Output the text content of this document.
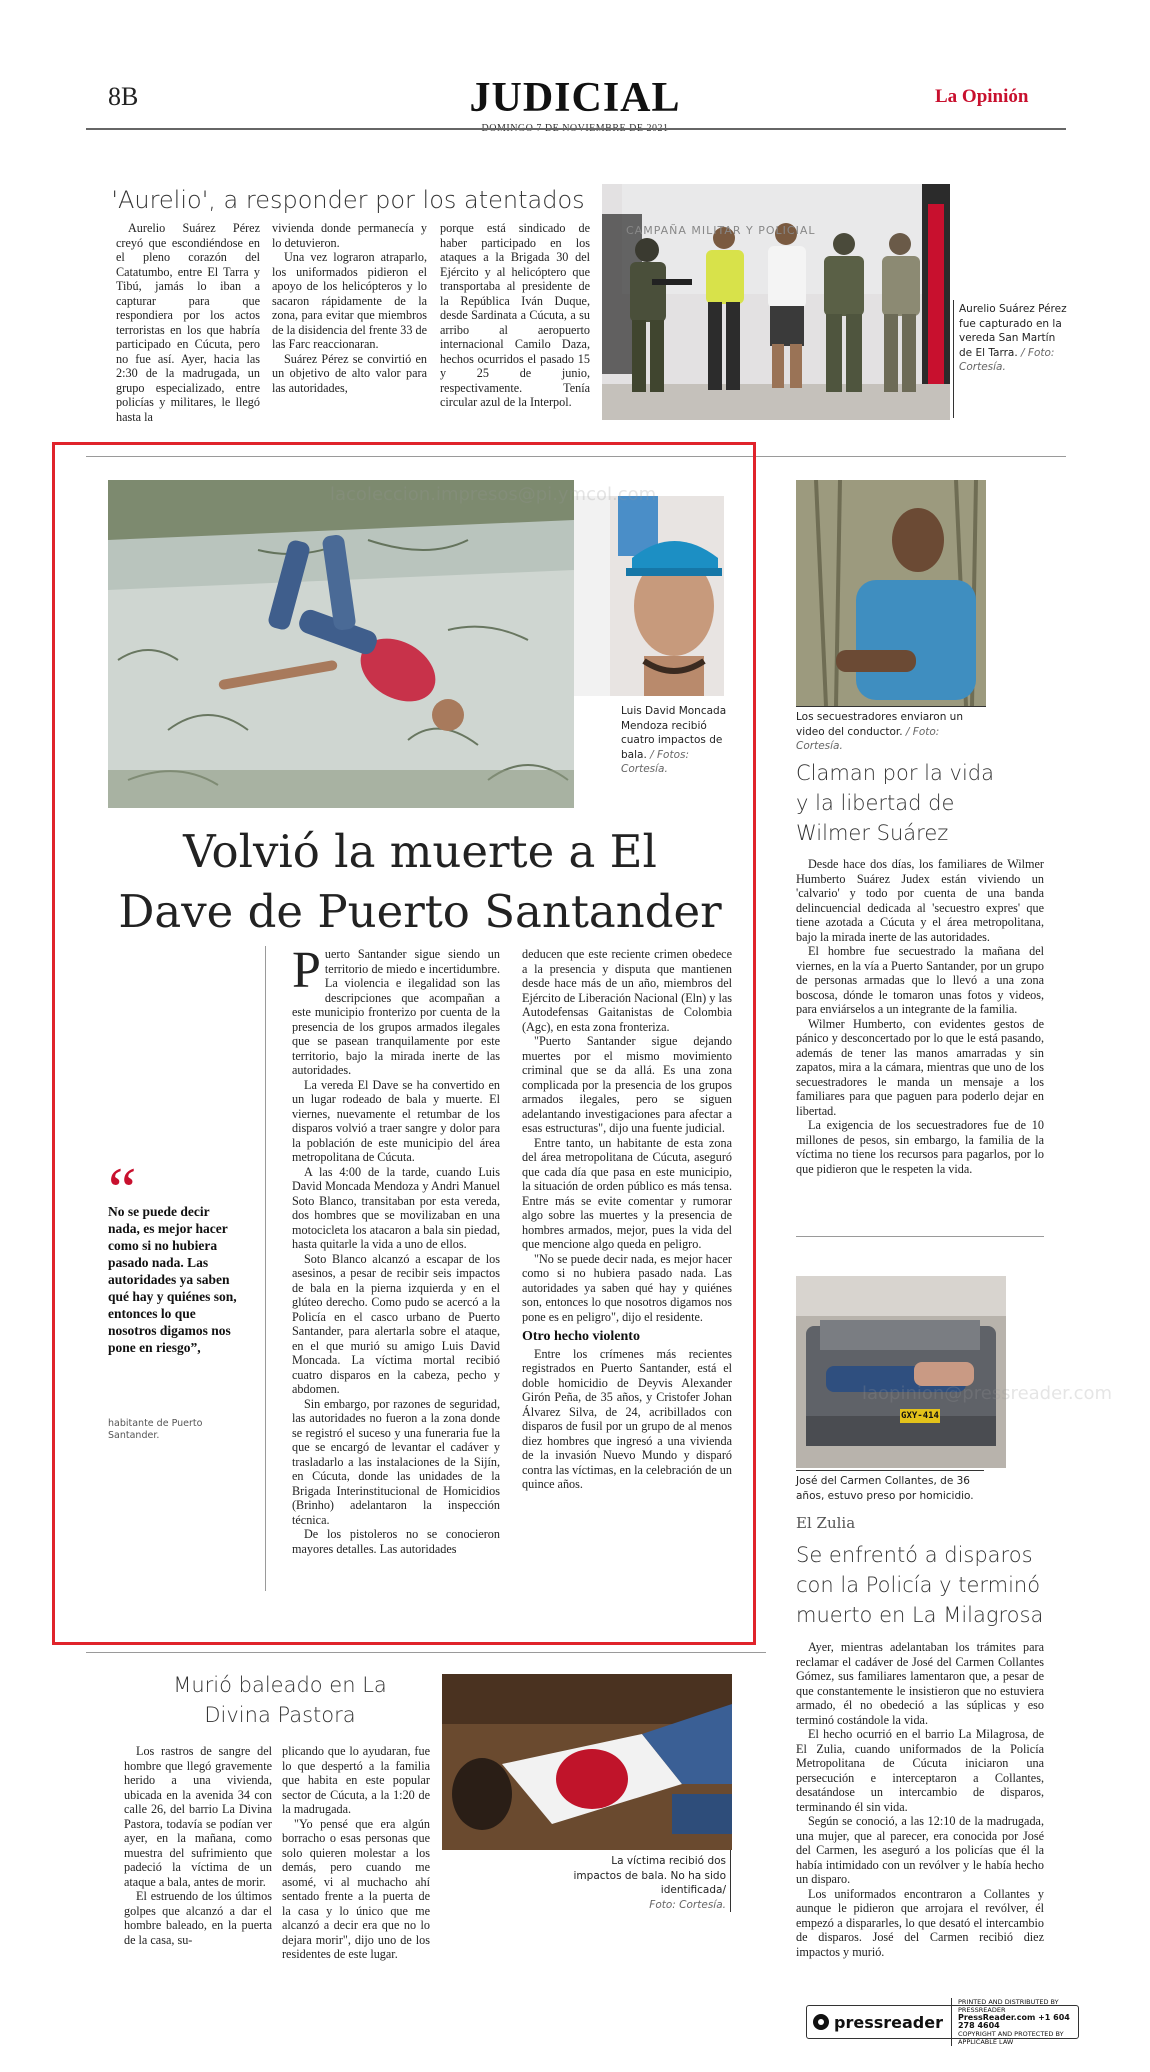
8B	JUDICIAL	La Opinión
'Aurelio', a responder por los atentados

Aurelio Suárez Pérez creyó que escondiéndose en el pleno corazón del Catatumbo, entre El Tarra y Tibú, jamás lo iban a capturar para que respondiera por los actos terroristas en los que habría participado en Cúcuta, pero no fue así. Ayer, hacia las 2:30 de la madrugada, un grupo especializado, entre policías y militares, le llegó hasta la

vivienda donde permanecía y lo detuvieron.

Una vez lograron atraparlo, los uniformados pidieron el apoyo de los helicópteros y lo sacaron rápidamente de la zona, para evitar que miembros de la disidencia del frente 33 de las Farc reaccionaran.

Suárez Pérez se convirtió en un objetivo de alto valor para las autoridades,

porque está sindicado de haber participado en los ataques a la Brigada 30 del Ejército y al helicóptero que transportaba al presidente de la República Iván Duque, desde Sardinata a Cúcuta, a su arribo al aeropuerto internacional Camilo Daza, hechos ocurridos el pasado 15 y 25 de junio, respectivamente. Tenía circular azul de la Interpol.

CAMPAÑA MILITAR Y POLICIAL
Aurelio Suárez Pérez fue capturado en la vereda San Martín de El Tarra. / Foto: Cortesía.
Luis David Moncada Mendoza recibió cuatro impactos de bala. / Fotos: Cortesía.
lacoleccion.impresos@pi.ymcol.com
Volvió la muerte a El
Dave de Puerto Santander
“
No se puede decir nada, es mejor hacer como si no hubiera pasado nada. Las autoridades ya saben qué hay y quiénes son, entonces lo que nosotros digamos nos pone en riesgo”,
habitante de Puerto Santander.

Puerto Santander sigue siendo un territorio de miedo e incertidumbre. La violencia e ilegalidad son las descripciones que acompañan a este municipio fronterizo por cuenta de la presencia de los grupos armados ilegales que se pasean tranquilamente por este territorio, bajo la mirada inerte de las autoridades.

La vereda El Dave se ha convertido en un lugar rodeado de bala y muerte. El viernes, nuevamente el retumbar de los disparos volvió a traer sangre y dolor para la población de este municipio del área metropolitana de Cúcuta.

A las 4:00 de la tarde, cuando Luis David Moncada Mendoza y Andri Manuel Soto Blanco, transitaban por esta vereda, dos hombres que se movilizaban en una motocicleta los atacaron a bala sin piedad, hasta quitarle la vida a uno de ellos.

Soto Blanco alcanzó a escapar de los asesinos, a pesar de recibir seis impactos de bala en la pierna izquierda y en el glúteo derecho. Como pudo se acercó a la Policía en el casco urbano de Puerto Santander, para alertarla sobre el ataque, en el que murió su amigo Luis David Moncada. La víctima mortal recibió cuatro disparos en la cabeza, pecho y abdomen.

Sin embargo, por razones de seguridad, las autoridades no fueron a la zona donde se registró el suceso y una funeraria fue la que se encargó de levantar el cadáver y trasladarlo a las instalaciones de la Sijín, en Cúcuta, donde las unidades de la Brigada Interinstitucional de Homicidios (Brinho) adelantaron la inspección técnica.

De los pistoleros no se conocieron mayores detalles. Las autoridades

deducen que este reciente crimen obedece a la presencia y disputa que mantienen desde hace más de un año, miembros del Ejército de Liberación Nacional (Eln) y las Autodefensas Gaitanistas de Colombia (Agc), en esta zona fronteriza.

"Puerto Santander sigue dejando muertes por el mismo movimiento criminal que se da allá. Es una zona complicada por la presencia de los grupos armados ilegales, pero se siguen adelantando investigaciones para afectar a esas estructuras", dijo una fuente judicial.

Entre tanto, un habitante de esta zona del área metropolitana de Cúcuta, aseguró que cada día que pasa en este municipio, la situación de orden público es más tensa. Entre más se evite comentar y rumorar algo sobre las muertes y la presencia de hombres armados, mejor, pues la vida del que mencione algo queda en peligro.

"No se puede decir nada, es mejor hacer como si no hubiera pasado nada. Las autoridades ya saben qué hay y quiénes son, entonces lo que nosotros digamos nos pone es en peligro", dijo el residente.

Otro hecho violento

Entre los crímenes más recientes registrados en Puerto Santander, está el doble homicidio de Deyvis Alexander Girón Peña, de 35 años, y Cristofer Johan Álvarez Silva, de 24, acribillados con disparos de fusil por un grupo de al menos diez hombres que ingresó a una vivienda de la invasión Nuevo Mundo y disparó contra las víctimas, en la celebración de un quince años.

Los secuestradores enviaron un video del conductor. / Foto: Cortesía.
Claman por la vida
y la libertad de
Wilmer Suárez

Desde hace dos días, los familiares de Wilmer Humberto Suárez Judex están viviendo un 'calvario' y todo por cuenta de una banda delincuencial dedicada al 'secuestro expres' que tiene azotada a Cúcuta y el área metropolitana, bajo la mirada inerte de las autoridades.

El hombre fue secuestrado la mañana del viernes, en la vía a Puerto Santander, por un grupo de personas armadas que lo llevó a una zona boscosa, dónde le tomaron unas fotos y videos, para enviárselos a un integrante de la familia.

Wilmer Humberto, con evidentes gestos de pánico y desconcertado por lo que le está pasando, además de tener las manos amarradas y sin zapatos, mira a la cámara, mientras que uno de los secuestradores le manda un mensaje a los familiares para que paguen para poderlo dejar en libertad.

La exigencia de los secuestradores fue de 10 millones de pesos, sin embargo, la familia de la víctima no tiene los recursos para pagarlos, por lo que pidieron que le respeten la vida.

GXY-414
laopinion@pressreader.com
José del Carmen Collantes, de 36 años, estuvo preso por homicidio.
El Zulia
Se enfrentó a disparos
con la Policía y terminó
muerto en La Milagrosa

Ayer, mientras adelantaban los trámites para reclamar el cadáver de José del Carmen Collantes Gómez, sus familiares lamentaron que, a pesar de que constantemente le insistieron que no estuviera armado, él no obedeció a las súplicas y eso terminó costándole la vida.

El hecho ocurrió en el barrio La Milagrosa, de El Zulia, cuando uniformados de la Policía Metropolitana de Cúcuta iniciaron una persecución e interceptaron a Collantes, desatándose un intercambio de disparos, terminando él sin vida.

Según se conoció, a las 12:10 de la madrugada, una mujer, que al parecer, era conocida por José del Carmen, les aseguró a los policías que él la había intimidado con un revólver y le había hecho un disparo.

Los uniformados encontraron a Collantes y aunque le pidieron que arrojara el revólver, él empezó a dispararles, lo que desató el intercambio de disparos. José del Carmen recibió diez impactos y murió.

Murió baleado en La
Divina Pastora

Los rastros de sangre del hombre que llegó gravemente herido a una vivienda, ubicada en la avenida 34 con calle 26, del barrio La Divina Pastora, todavía se podían ver ayer, en la mañana, como muestra del sufrimiento que padeció la víctima de un ataque a bala, antes de morir.

El estruendo de los últimos golpes que alcanzó a dar el hombre baleado, en la puerta de la casa, su-

plicando que lo ayudaran, fue lo que despertó a la familia que habita en este popular sector de Cúcuta, a la 1:20 de la madrugada.

"Yo pensé que era algún borracho o esas personas que solo quieren molestar a los demás, pero cuando me asomé, vi al muchacho ahí sentado frente a la puerta de la casa y lo único que me alcanzó a decir era que no lo dejara morir", dijo uno de los residentes de este lugar.

La víctima recibió dos impactos de bala. No ha sido identificada/
Foto: Cortesía.
pressreader
PRINTED AND DISTRIBUTED BY PRESSREADER
PressReader.com +1 604 278 4604
COPYRIGHT AND PROTECTED BY APPLICABLE LAW
